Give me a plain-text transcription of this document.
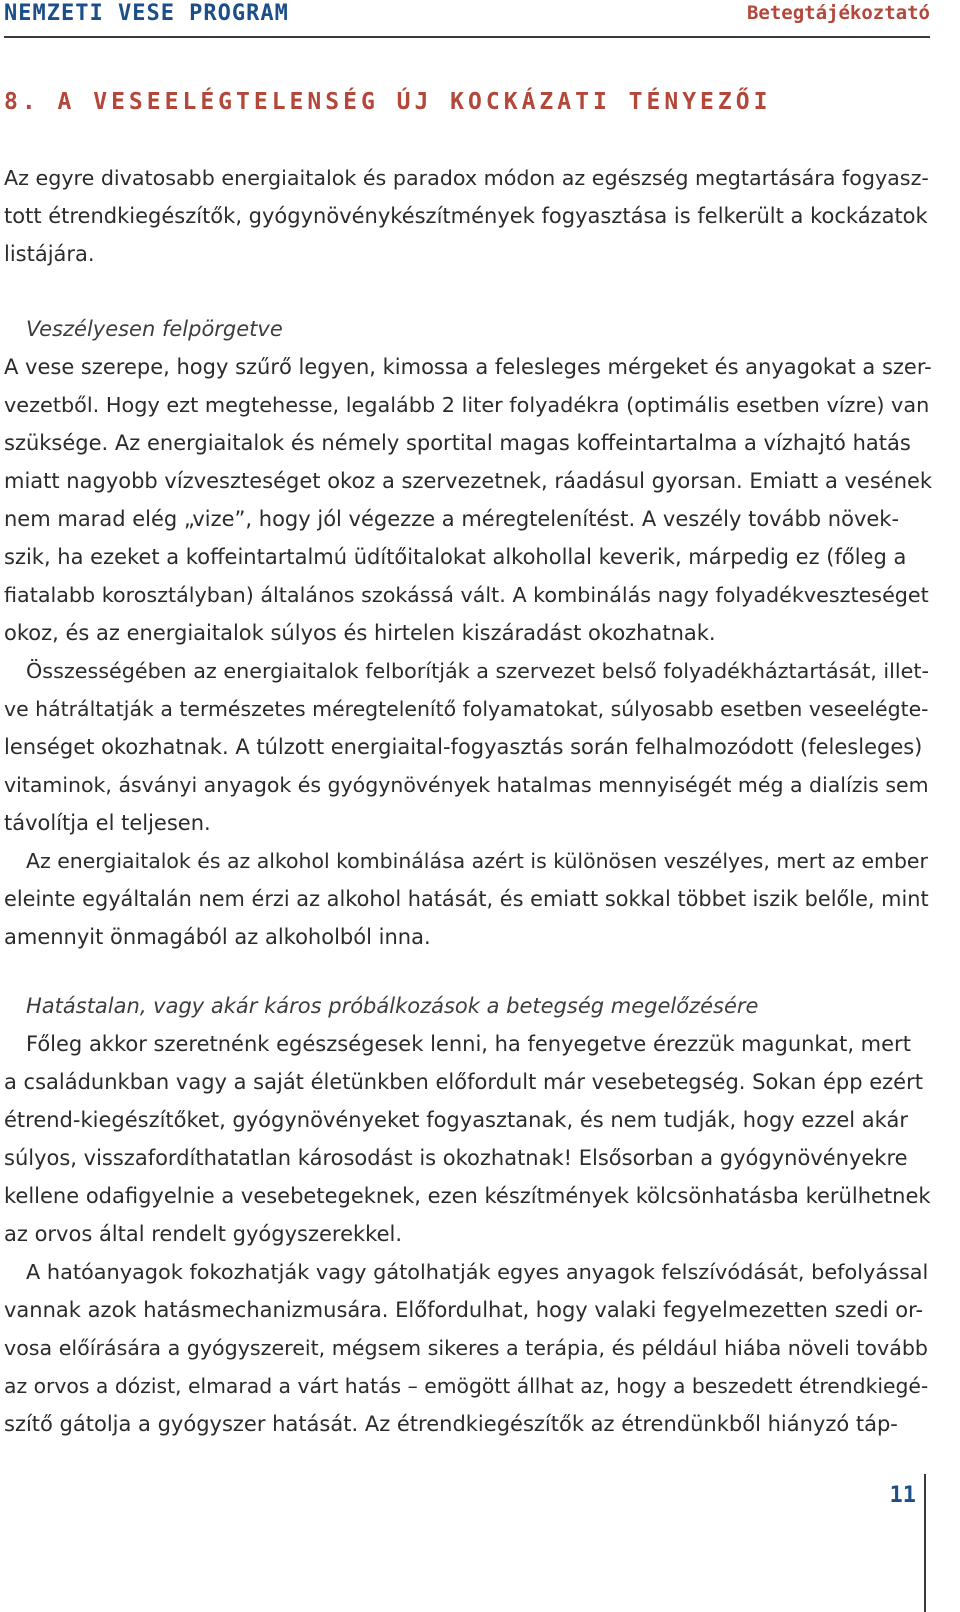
NEMZETI VESE PROGRAM	Betegtájékoztató
8. A VESEELÉGTELENSÉG ÚJ KOCKÁZATI TÉNYEZŐI
Az egyre divatosabb energiaitalok és paradox módon az egészség megtartására fogyasz-
tott étrendkiegészítők, gyógynövénykészítmények fogyasztása is felkerült a kockázatok
listájára.
Veszélyesen felpörgetve
A vese szerepe, hogy szűrő legyen, kimossa a felesleges mérgeket és anyagokat a szer-
vezetből. Hogy ezt megtehesse, legalább 2 liter folyadékra (optimális esetben vízre) van
szüksége. Az energiaitalok és némely sportital magas koffeintartalma a vízhajtó hatás
miatt nagyobb vízveszteséget okoz a szervezetnek, ráadásul gyorsan. Emiatt a vesének
nem marad elég „vize”, hogy jól végezze a méregtelenítést. A veszély tovább növek-
szik, ha ezeket a koffeintartalmú üdítőitalokat alkohollal keverik, márpedig ez (főleg a
fiatalabb korosztályban) általános szokássá vált. A kombinálás nagy folyadékveszteséget
okoz, és az energiaitalok súlyos és hirtelen kiszáradást okozhatnak.
Összességében az energiaitalok felborítják a szervezet belső folyadékháztartását, illet-
ve hátráltatják a természetes méregtelenítő folyamatokat, súlyosabb esetben veseelégte-
lenséget okozhatnak. A túlzott energiaital-fogyasztás során felhalmozódott (felesleges)
vitaminok, ásványi anyagok és gyógynövények hatalmas mennyiségét még a dialízis sem
távolítja el teljesen.
Az energiaitalok és az alkohol kombinálása azért is különösen veszélyes, mert az ember
eleinte egyáltalán nem érzi az alkohol hatását, és emiatt sokkal többet iszik belőle, mint
amennyit önmagából az alkoholból inna.
Hatástalan, vagy akár káros próbálkozások a betegség megelőzésére
Főleg akkor szeretnénk egészségesek lenni, ha fenyegetve érezzük magunkat, mert
a családunkban vagy a saját életünkben előfordult már vesebetegség. Sokan épp ezért
étrend-kiegészítőket, gyógynövényeket fogyasztanak, és nem tudják, hogy ezzel akár
súlyos, visszafordíthatatlan károsodást is okozhatnak! Elsősorban a gyógynövényekre
kellene odafigyelnie a vesebetegeknek, ezen készítmények kölcsönhatásba kerülhetnek
az orvos által rendelt gyógyszerekkel.
A hatóanyagok fokozhatják vagy gátolhatják egyes anyagok felszívódását, befolyással
vannak azok hatásmechanizmusára. Előfordulhat, hogy valaki fegyelmezetten szedi or-
vosa előírására a gyógyszereit, mégsem sikeres a terápia, és például hiába növeli tovább
az orvos a dózist, elmarad a várt hatás – emögött állhat az, hogy a beszedett étrendkiegé-
szítő gátolja a gyógyszer hatását. Az étrendkiegészítők az étrendünkből hiányzó táp-
11
